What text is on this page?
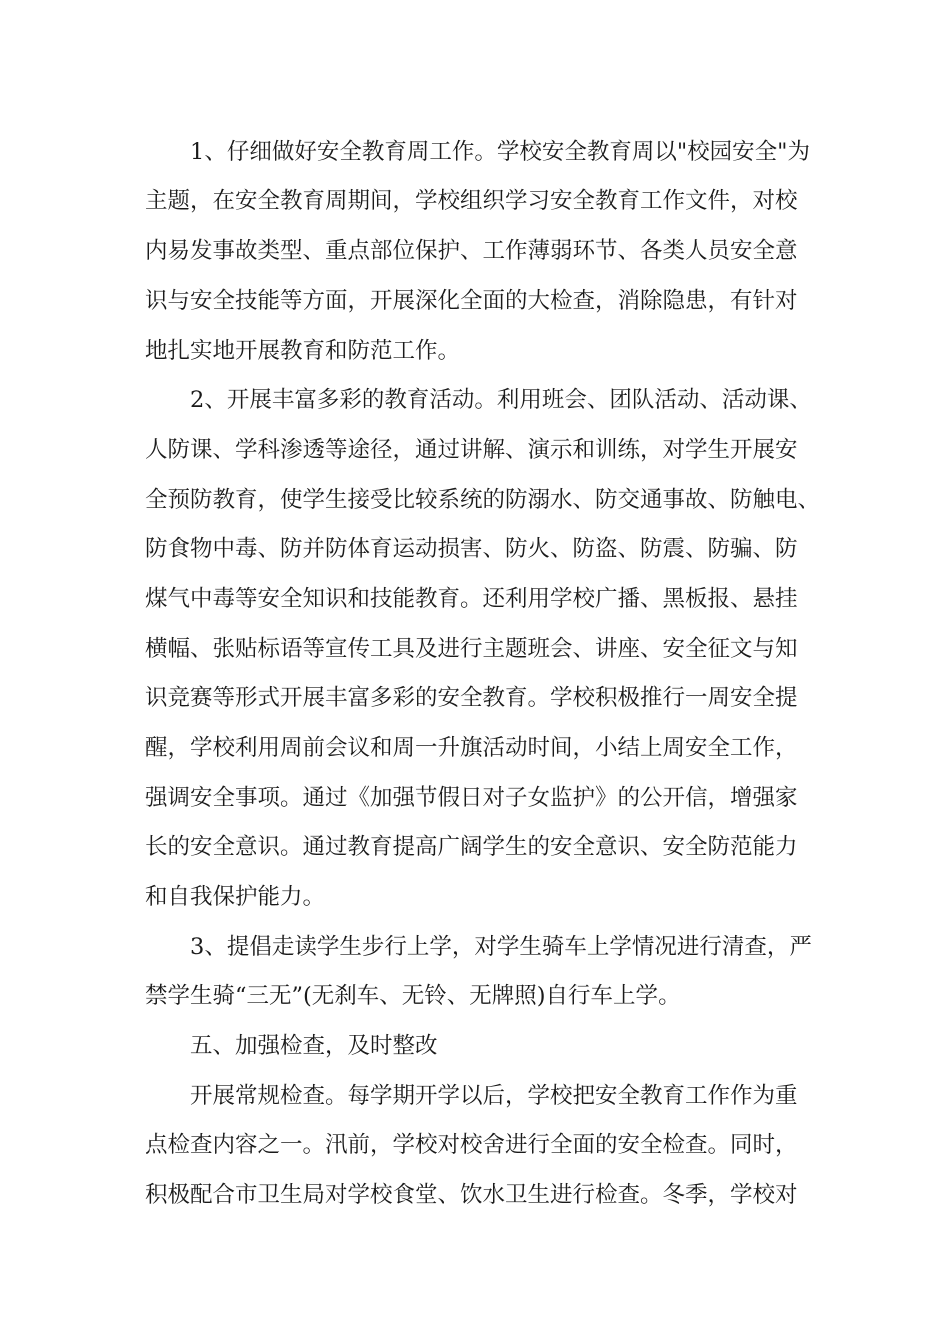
1、仔细做好安全教育周工作。学校安全教育周以"校园安全"为
主题，在安全教育周期间，学校组织学习安全教育工作文件，对校
内易发事故类型、重点部位保护、工作薄弱环节、各类人员安全意
识与安全技能等方面，开展深化全面的大检查，消除隐患，有针对
地扎实地开展教育和防范工作。
2、开展丰富多彩的教育活动。利用班会、团队活动、活动课、
人防课、学科渗透等途径，通过讲解、演示和训练，对学生开展安
全预防教育，使学生接受比较系统的防溺水、防交通事故、防触电、
防食物中毒、防并防体育运动损害、防火、防盗、防震、防骗、防
煤气中毒等安全知识和技能教育。还利用学校广播、黑板报、悬挂
横幅、张贴标语等宣传工具及进行主题班会、讲座、安全征文与知
识竞赛等形式开展丰富多彩的安全教育。学校积极推行一周安全提
醒，学校利用周前会议和周一升旗活动时间，小结上周安全工作，
强调安全事项。通过《加强节假日对子女监护》的公开信，增强家
长的安全意识。通过教育提高广阔学生的安全意识、安全防范能力
和自我保护能力。
3、提倡走读学生步行上学，对学生骑车上学情况进行清查，严
禁学生骑“三无”(无刹车、无铃、无牌照)自行车上学。
五、加强检查，及时整改
开展常规检查。每学期开学以后，学校把安全教育工作作为重
点检查内容之一。汛前，学校对校舍进行全面的安全检查。同时，
积极配合市卫生局对学校食堂、饮水卫生进行检查。冬季，学校对
